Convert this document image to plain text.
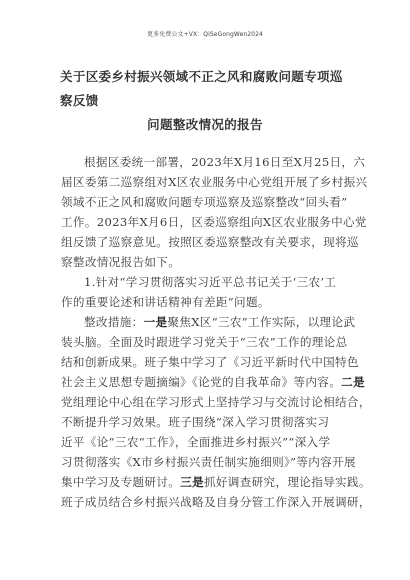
更多免费公文+VX：QiSeGongWen2024
关于区委乡村振兴领域不正之风和腐败问题专项巡察反馈
问题整改情况的报告
根据区委统一部署，2023年X月16日至X月25日，六
届区委第二巡察组对X区农业服务中心党组开展了乡村振兴
领域不正之风和腐败问题专项巡察及巡察整改“回头看”
工作。2023年X月6日，区委巡察组向X区农业服务中心党
组反馈了巡察意见。按照区委巡察整改有关要求，现将巡
察整改情况报告如下。
1.针对“学习贯彻落实习近平总书记关于‘三农’工
作的重要论述和讲话精神有差距”问题。
整改措施：一是聚焦X区“三农”工作实际，以理论武
装头脑。全面及时跟进学习党关于“三农”工作的理论总
结和创新成果。班子集中学习了《习近平新时代中国特色
社会主义思想专题摘编》《论党的自我革命》等内容。二是
党组理论中心组在学习形式上坚持学习与交流讨论相结合，
不断提升学习效果。班子围绕“深入学习贯彻落实习
近平《论”三农“工作》，全面推进乡村振兴”“深入学
习贯彻落实《X市乡村振兴责任制实施细则》”等内容开展
集中学习及专题研讨。三是抓好调查研究，理论指导实践。
班子成员结合乡村振兴战略及自身分管工作深入开展调研，
